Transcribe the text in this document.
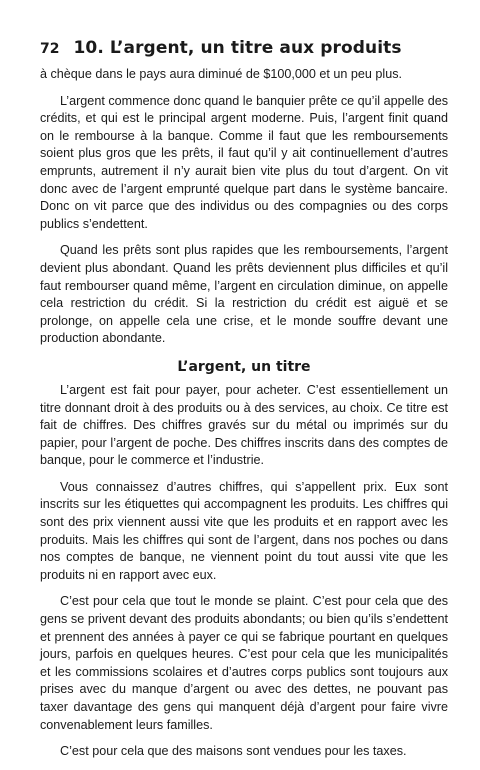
72 10. L’argent, un titre aux produits

à chèque dans le pays aura diminué de $100,000 et un peu plus.

L’argent commence donc quand le banquier prête ce qu’il appelle des crédits, et qui est le principal argent moderne. Puis, l’argent finit quand on le rembourse à la banque. Comme il faut que les remboursements soient plus gros que les prêts, il faut qu’il y ait continuellement d’autres emprunts, autrement il n’y aurait bien vite plus du tout d’argent. On vit donc avec de l’argent emprunté quelque part dans le système bancaire. Donc on vit parce que des individus ou des compagnies ou des corps publics s’endettent.

Quand les prêts sont plus rapides que les remboursements, l’argent devient plus abondant. Quand les prêts deviennent plus difficiles et qu’il faut rembourser quand même, l’argent en circulation diminue, on appelle cela restriction du crédit. Si la restriction du crédit est aiguë et se prolonge, on appelle cela une crise, et le monde souffre devant une production abondante.

L’argent, un titre

L’argent est fait pour payer, pour acheter. C’est essentiellement un titre donnant droit à des produits ou à des services, au choix. Ce titre est fait de chiffres. Des chiffres gravés sur du métal ou imprimés sur du papier, pour l’argent de poche. Des chiffres inscrits dans des comptes de banque, pour le commerce et l’industrie.

Vous connaissez d’autres chiffres, qui s’appellent prix. Eux sont inscrits sur les étiquettes qui accompagnent les produits. Les chiffres qui sont des prix viennent aussi vite que les produits et en rapport avec les produits. Mais les chiffres qui sont de l’argent, dans nos poches ou dans nos comptes de banque, ne viennent point du tout aussi vite que les produits ni en rapport avec eux.

C’est pour cela que tout le monde se plaint. C’est pour cela que des gens se privent devant des produits abondants; ou bien qu’ils s’endettent et prennent des années à payer ce qui se fabrique pourtant en quelques jours, parfois en quelques heures. C’est pour cela que les municipalités et les commissions scolaires et d’autres corps publics sont toujours aux prises avec du manque d’argent ou avec des dettes, ne pouvant pas taxer davantage des gens qui manquent déjà d’argent pour faire vivre convenablement leurs familles.

C’est pour cela que des maisons sont vendues pour les taxes.
